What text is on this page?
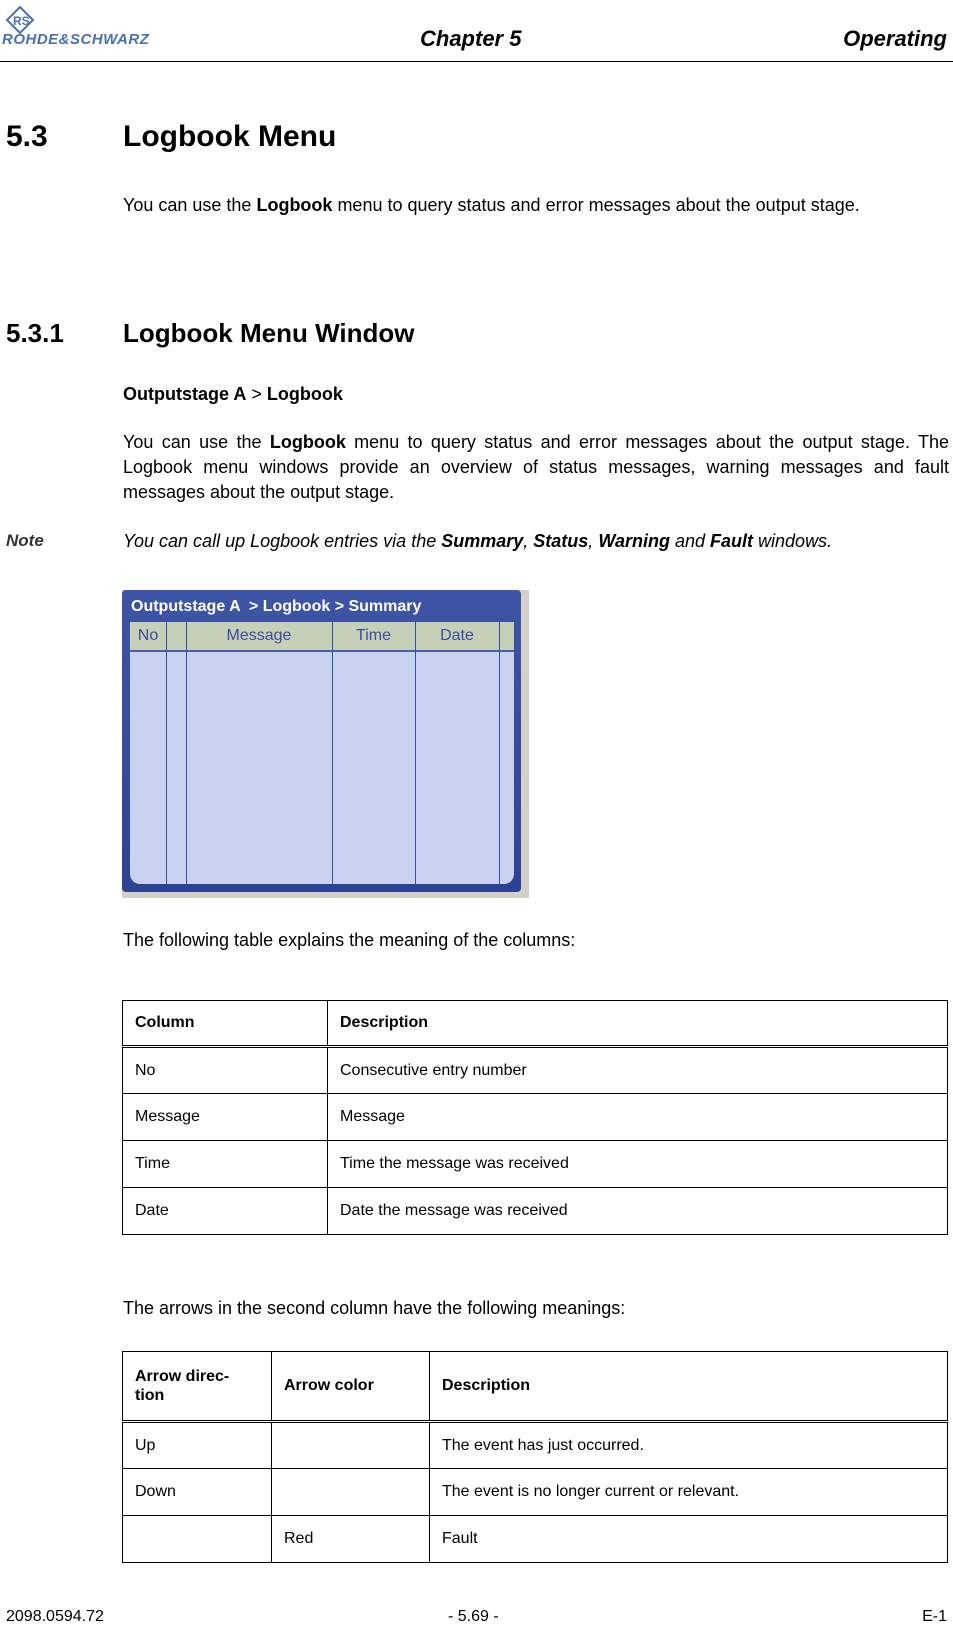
RS
ROHDE&SCHWARZ	Chapter 5	Operating
5.3	Logbook Menu
You can use the Logbook menu to query status and error messages about the output stage.
5.3.1 Logbook Menu Window
Outputstage A > Logbook
You can use the Logbook menu to query status and error messages about the output stage. The Logbook menu windows provide an overview of status messages, warning messages and fault messages about the output stage.
Note	You can call up Logbook entries via the Summary, Status, Warning and Fault windows.
Outputstage A  > Logbook > Summary
No	Message	Time	Date
The following table explains the meaning of the columns:
Column	Description
No	Consecutive entry number
Message	Message
Time	Time the message was received
Date	Date the message was received
The arrows in the second column have the following meanings:
Arrow direc-
tion	Arrow color	Description
Up		The event has just occurred.
Down		The event is no longer current or relevant.
	Red	Fault
2098.0594.72	- 5.69 -	E-1
